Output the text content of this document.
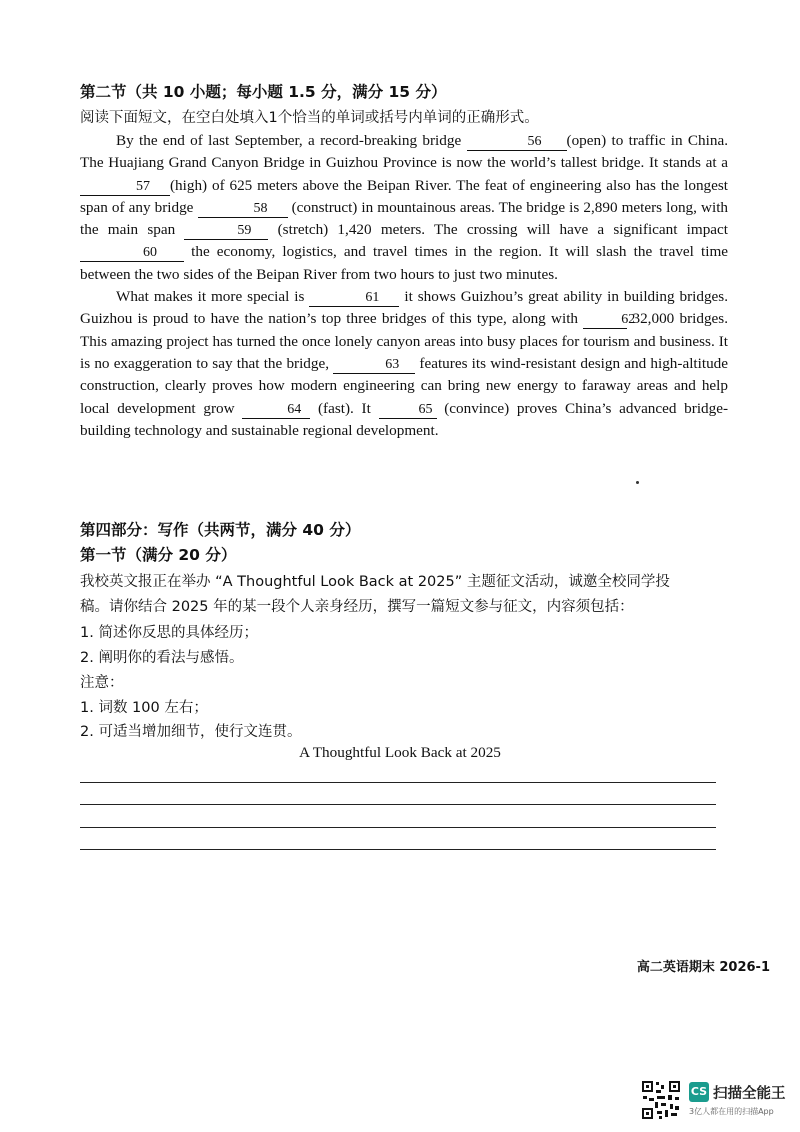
第二节（共 10 小题；每小题 1.5 分，满分 15 分）
阅读下面短文，在空白处填入1个恰当的单词或括号内单词的正确形式。

By the end of last September, a record-breaking bridge	56 (open) to traffic in China. The Huajiang Grand Canyon Bridge in Guizhou Province is now the world’s tallest bridge. It stands at a 57 (high) of 625 meters above the Beipan River. The feat of engineering also has the longest span of any bridge	58 (construct) in mountainous areas. The bridge is 2,890 meters long, with the main span	59 (stretch) 1,420 meters. The crossing will have a significant impact 60 the economy, logistics, and travel times in the region. It will slash the travel time between the two sides of the Beipan River from two hours to just two minutes.

What makes it more special is	61 it shows Guizhou’s great ability in building bridges. Guizhou is proud to have the nation’s top three bridges of this type, along with	62 32,000 bridges. This amazing project has turned the once lonely canyon areas into busy places for tourism and business. It is no exaggeration to say that the bridge,	63 features its wind-resistant design and high-altitude construction, clearly proves how modern engineering can bring new energy to faraway areas and help local development grow	64 (fast). It	65 (convince) proves China’s advanced bridge-building technology and sustainable regional development.

第四部分：写作（共两节，满分 40 分）
第一节（满分 20 分）
我校英文报正在举办 “A Thoughtful Look Back at 2025” 主题征文活动，诚邀全校同学投
稿。请你结合 2025 年的某一段个人亲身经历，撰写一篇短文参与征文，内容须包括：
1. 简述你反思的具体经历；
2. 阐明你的看法与感悟。
注意：
1. 词数 100 左右；
2. 可适当增加细节，使行文连贯。
A Thoughtful Look Back at 2025
高二英语期末 2026-1
CS 扫描全能王
3亿人都在用的扫描App
